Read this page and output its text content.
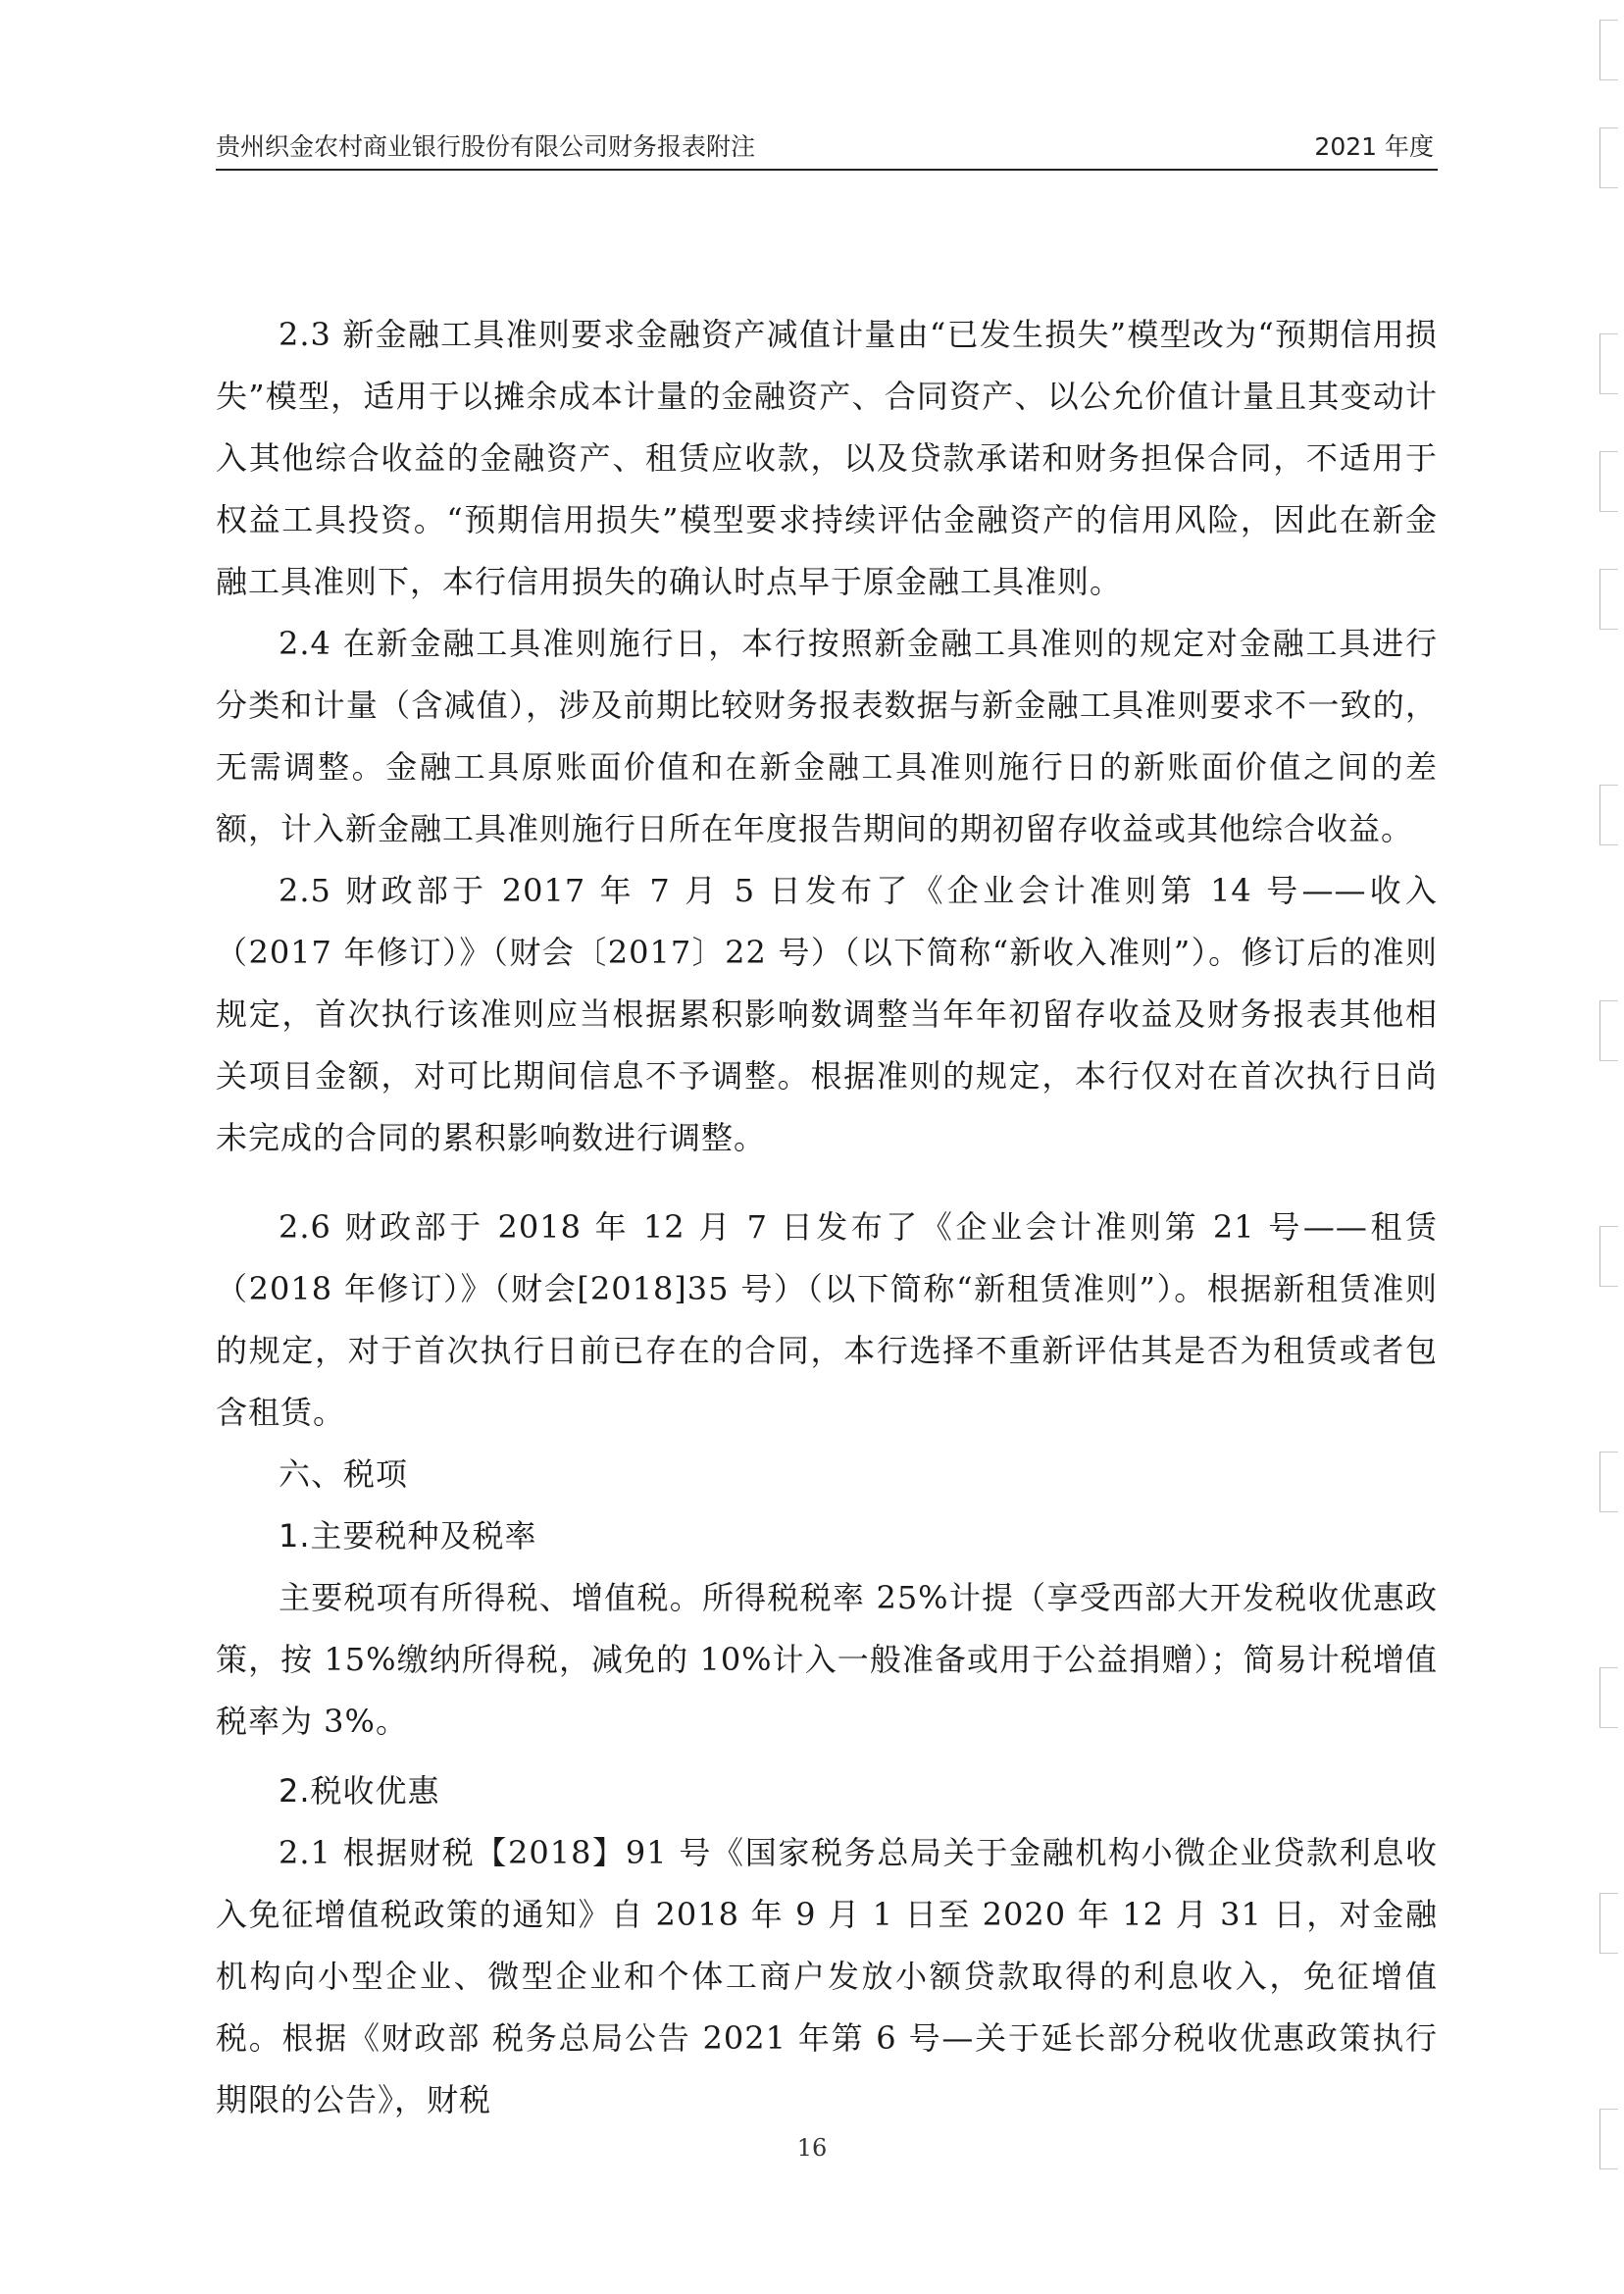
贵州织金农村商业银行股份有限公司财务报表附注	2021 年度

2.3 新金融工具准则要求金融资产减值计量由“已发生损失”模型改为“预期信用损失”模型，适用于以摊余成本计量的金融资产、合同资产、以公允价值计量且其变动计入其他综合收益的金融资产、租赁应收款，以及贷款承诺和财务担保合同，不适用于权益工具投资。“预期信用损失”模型要求持续评估金融资产的信用风险，因此在新金融工具准则下，本行信用损失的确认时点早于原金融工具准则。

2.4 在新金融工具准则施行日，本行按照新金融工具准则的规定对金融工具进行分类和计量（含减值），涉及前期比较财务报表数据与新金融工具准则要求不一致的，无需调整。金融工具原账面价值和在新金融工具准则施行日的新账面价值之间的差额，计入新金融工具准则施行日所在年度报告期间的期初留存收益或其他综合收益。

2.5 财政部于 2017 年 7 月 5 日发布了《企业会计准则第 14 号——收入（2017 年修订）》（财会〔2017〕22 号）（以下简称“新收入准则”）。修订后的准则规定，首次执行该准则应当根据累积影响数调整当年年初留存收益及财务报表其他相关项目金额，对可比期间信息不予调整。根据准则的规定，本行仅对在首次执行日尚未完成的合同的累积影响数进行调整。

2.6 财政部于 2018 年 12 月 7 日发布了《企业会计准则第 21 号——租赁（2018 年修订）》（财会[2018]35 号）（以下简称“新租赁准则”）。根据新租赁准则的规定，对于首次执行日前已存在的合同，本行选择不重新评估其是否为租赁或者包含租赁。

六、税项

1.主要税种及税率

主要税项有所得税、增值税。所得税税率 25%计提（享受西部大开发税收优惠政策，按 15%缴纳所得税，减免的 10%计入一般准备或用于公益捐赠）；简易计税增值税率为 3%。

2.税收优惠

2.1 根据财税【2018】91 号《国家税务总局关于金融机构小微企业贷款利息收入免征增值税政策的通知》自 2018 年 9 月 1 日至 2020 年 12 月 31 日，对金融机构向小型企业、微型企业和个体工商户发放小额贷款取得的利息收入，免征增值税。根据《财政部 税务总局公告 2021 年第 6 号—关于延长部分税收优惠政策执行期限的公告》，财税

16
